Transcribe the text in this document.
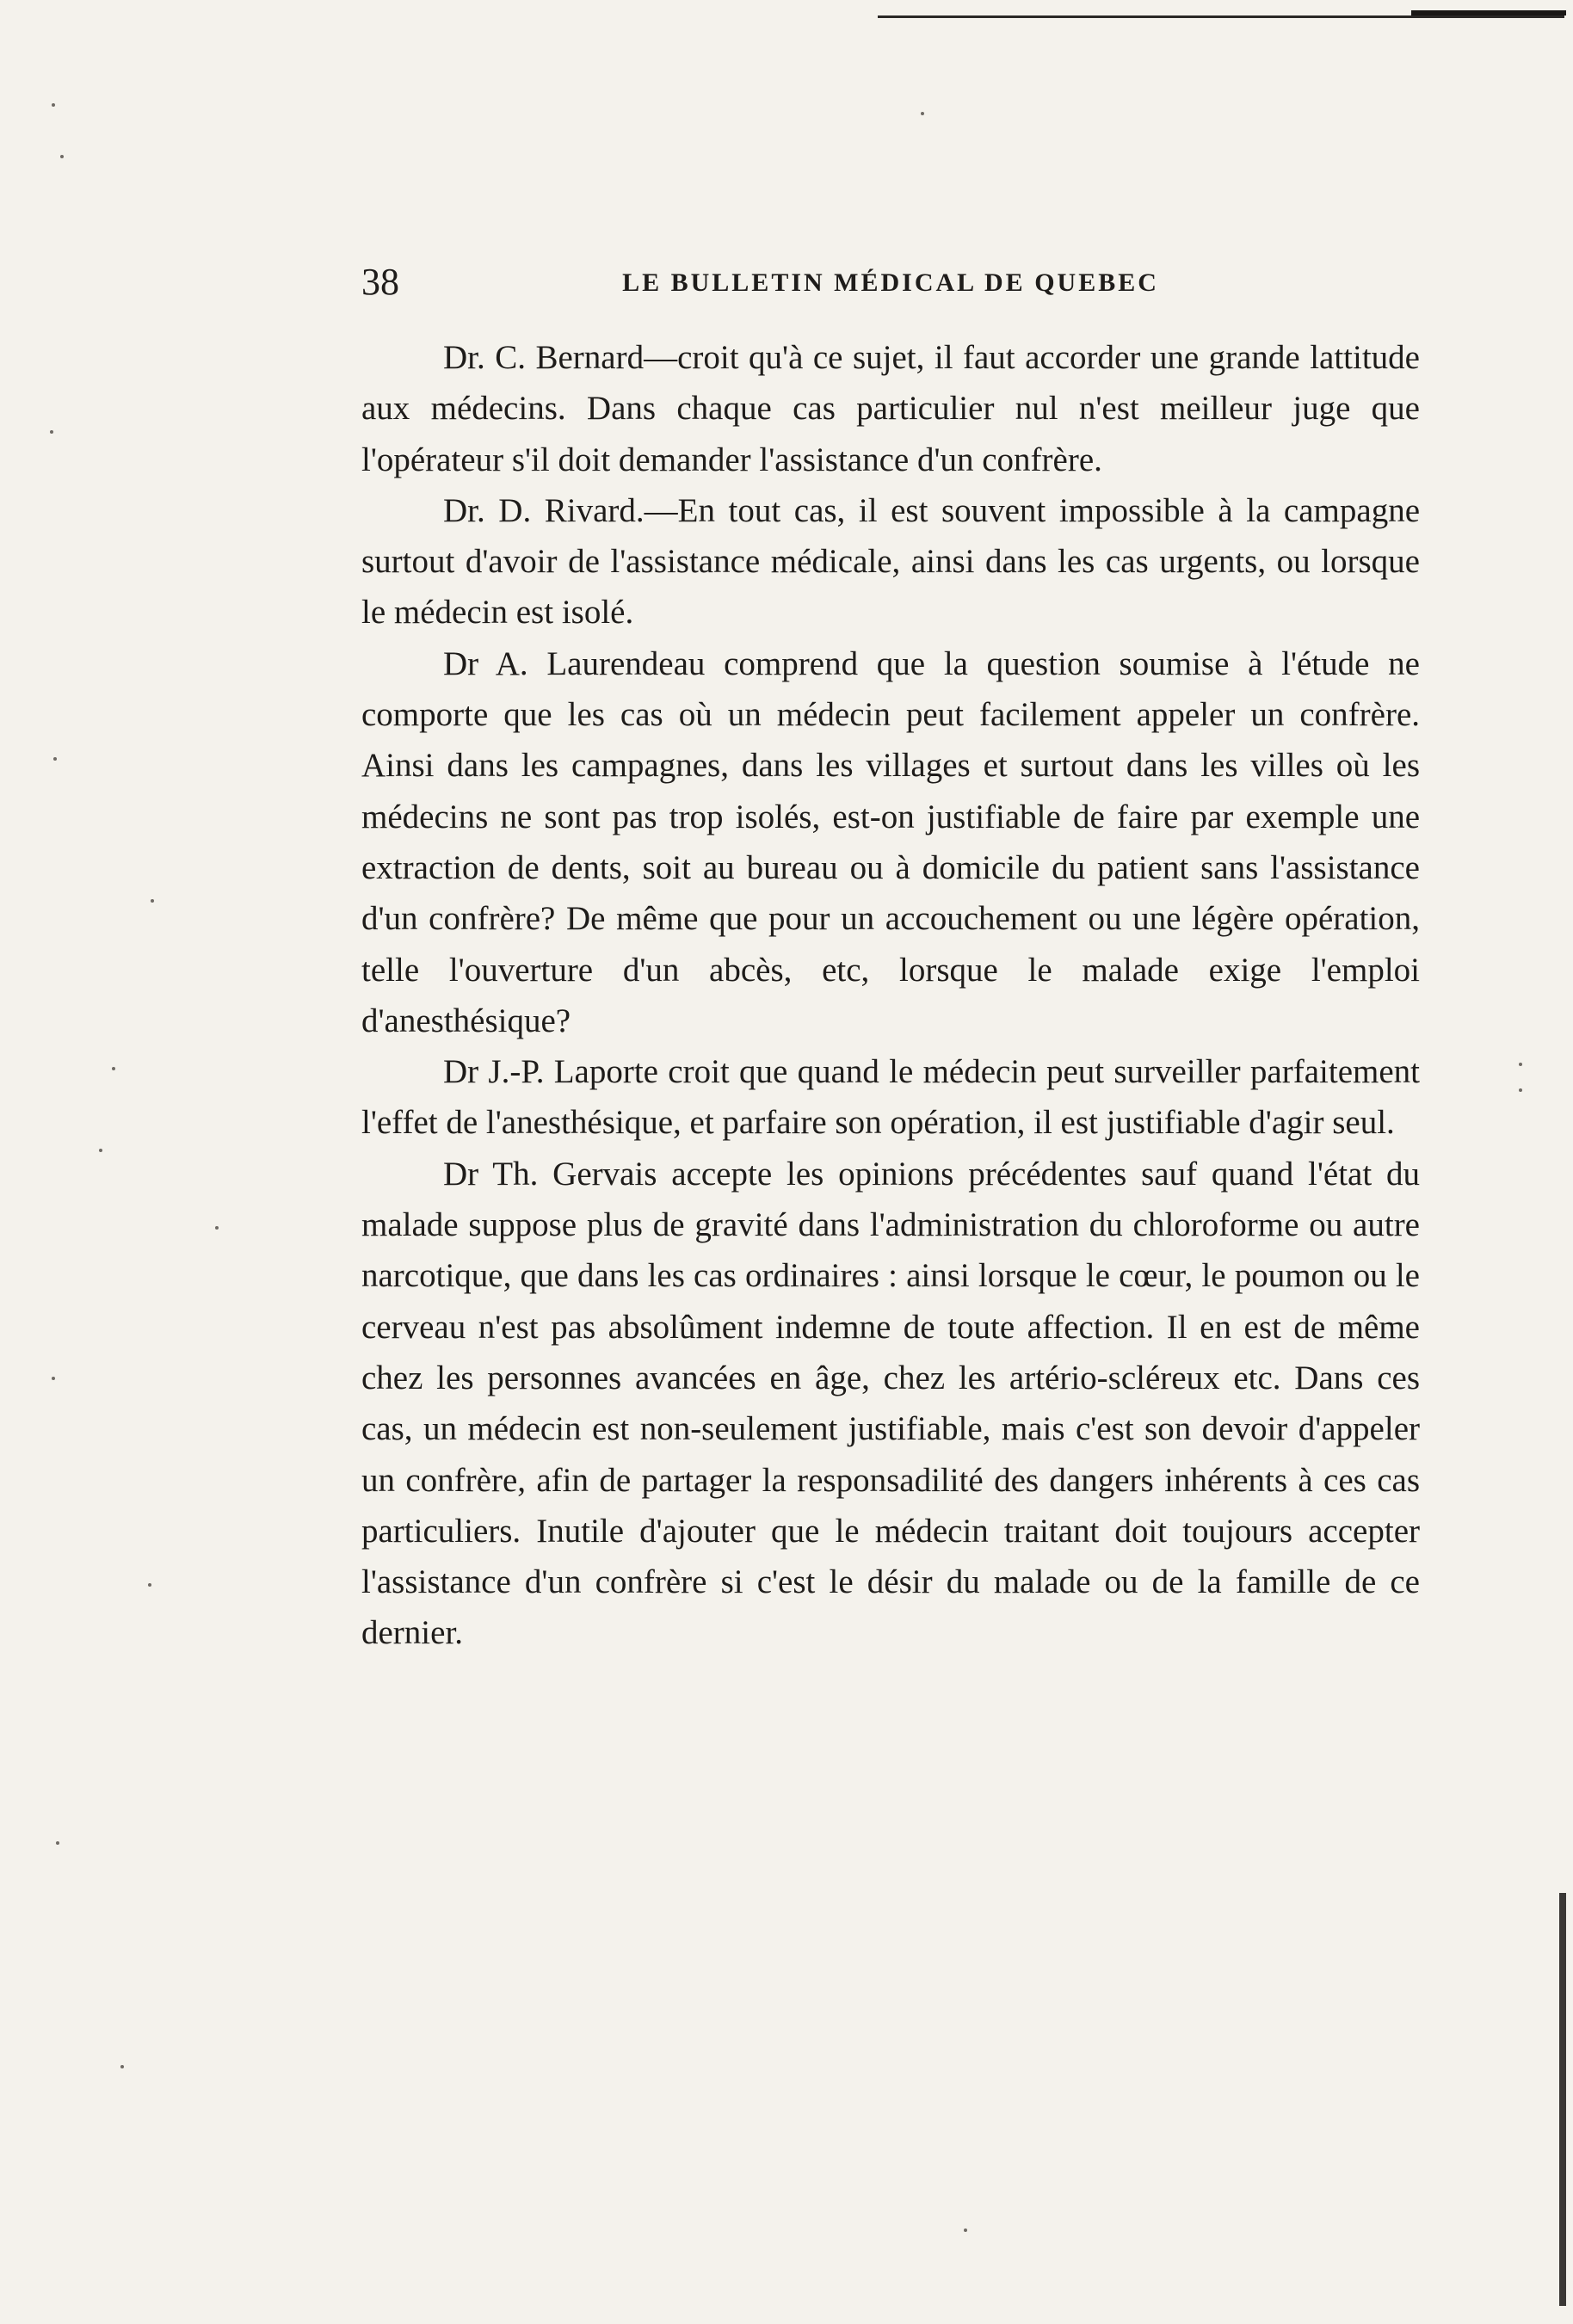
38	LE BULLETIN MÉDICAL DE QUEBEC

Dr. C. Bernard—croit qu'à ce sujet, il faut accorder une grande lattitude aux médecins. Dans chaque cas particulier nul n'est meilleur juge que l'opérateur s'il doit demander l'assistance d'un confrère.

Dr. D. Rivard.—En tout cas, il est souvent impossible à la campagne surtout d'avoir de l'assistance médicale, ainsi dans les cas urgents, ou lorsque le médecin est isolé.

Dr A. Laurendeau comprend que la question soumise à l'étude ne comporte que les cas où un médecin peut facilement appeler un confrère. Ainsi dans les campagnes, dans les villages et surtout dans les villes où les médecins ne sont pas trop isolés, est-on justifiable de faire par exemple une extraction de dents, soit au bureau ou à domicile du patient sans l'assistance d'un confrère? De même que pour un accouchement ou une légère opération, telle l'ouverture d'un abcès, etc, lorsque le malade exige l'emploi d'anesthésique?

Dr J.-P. Laporte croit que quand le médecin peut surveiller parfaitement l'effet de l'anesthésique, et parfaire son opération, il est justifiable d'agir seul.

Dr Th. Gervais accepte les opinions précédentes sauf quand l'état du malade suppose plus de gravité dans l'administration du chloroforme ou autre narcotique, que dans les cas ordinaires : ainsi lorsque le cœur, le poumon ou le cerveau n'est pas absolûment indemne de toute affection. Il en est de même chez les personnes avancées en âge, chez les artério-scléreux etc. Dans ces cas, un médecin est non-seulement justifiable, mais c'est son devoir d'appeler un confrère, afin de partager la responsadilité des dangers inhérents à ces cas particuliers. Inutile d'ajouter que le médecin traitant doit toujours accepter l'assistance d'un confrère si c'est le désir du malade ou de la famille de ce dernier.
